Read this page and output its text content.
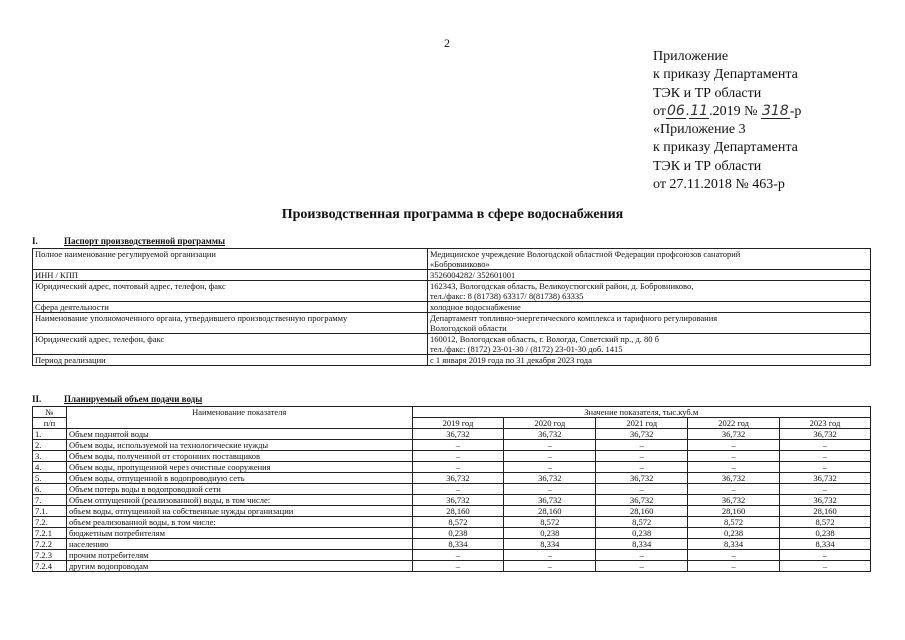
2
Приложение
к приказу Департамента
ТЭК и ТР области
от06.11.2019 № 318-р
«Приложение 3
к приказу Департамента
ТЭК и ТР области
от 27.11.2018 № 463-р
Производственная программа в сфере водоснабжения
I.	Паспорт производственной программы
Полное наименование регулируемой организации	Медицинское учреждение Вологодской областной Федерации профсоюзов санаторий
«Бобровниково»

ИНН / КПП	3526004282/ 352601001

Юридический адрес, почтовый адрес, телефон, факс	162343, Вологодская область, Великоустюгский район, д. Бобровниково,
тел./факс: 8 (81738) 63317/ 8(81738) 63335

Сфера деятельности	холодное водоснабжение

Наименование уполномоченного органа, утвердившего производственную программу	Департамент топливно-энергетического комплекса и тарифного регулирования
Вологодской области

Юридический адрес, телефон, факс	160012, Вологодская область, г. Вологда, Советский пр., д. 80 б
тел./факс: (8172) 23-01-30 / (8172) 23-01-30 доб. 1415

Период реализации	с 1 января 2019 года по 31 декабря 2023 года
II.	Планируемый объем подачи воды
№	Наименование показателя	Значение показателя, тыс.куб.м				
п/п		2019 год	2020 год	2021 год	2022 год	2023 год
1.	Объем поднятой воды	36,732	36,732	36,732	36,732	36,732
2.	Объем воды, используемой на технологические нужды	–	–	–	–	–
3.	Объем воды, полученной от сторонних поставщиков	–	–	–	–	–
4.	Объем воды, пропущенной через очистные сооружения	–	–	–	–	–
5.	Объем воды, отпущенной в водопроводную сеть	36,732	36,732	36,732	36,732	36,732
6.	Объем потерь воды в водопроводной сети	–	–	–	–	–
7.	Объем отпущенной (реализованной) воды, в том числе:	36,732	36,732	36,732	36,732	36,732
7.1.	объем воды, отпущенной на собственные нужды организации	28,160	28,160	28,160	28,160	28,160
7.2.	объем реализованной воды, в том числе:	8,572	8,572	8,572	8,572	8,572
7.2.1	бюджетным потребителям	0,238	0,238	0,238	0,238	0,238
7.2.2	населению	8,334	8,334	8,334	8,334	8,334
7.2.3	прочим потребителям	–	–	–	–	–
7.2.4	другим водопроводам	–	–	–	–	–
